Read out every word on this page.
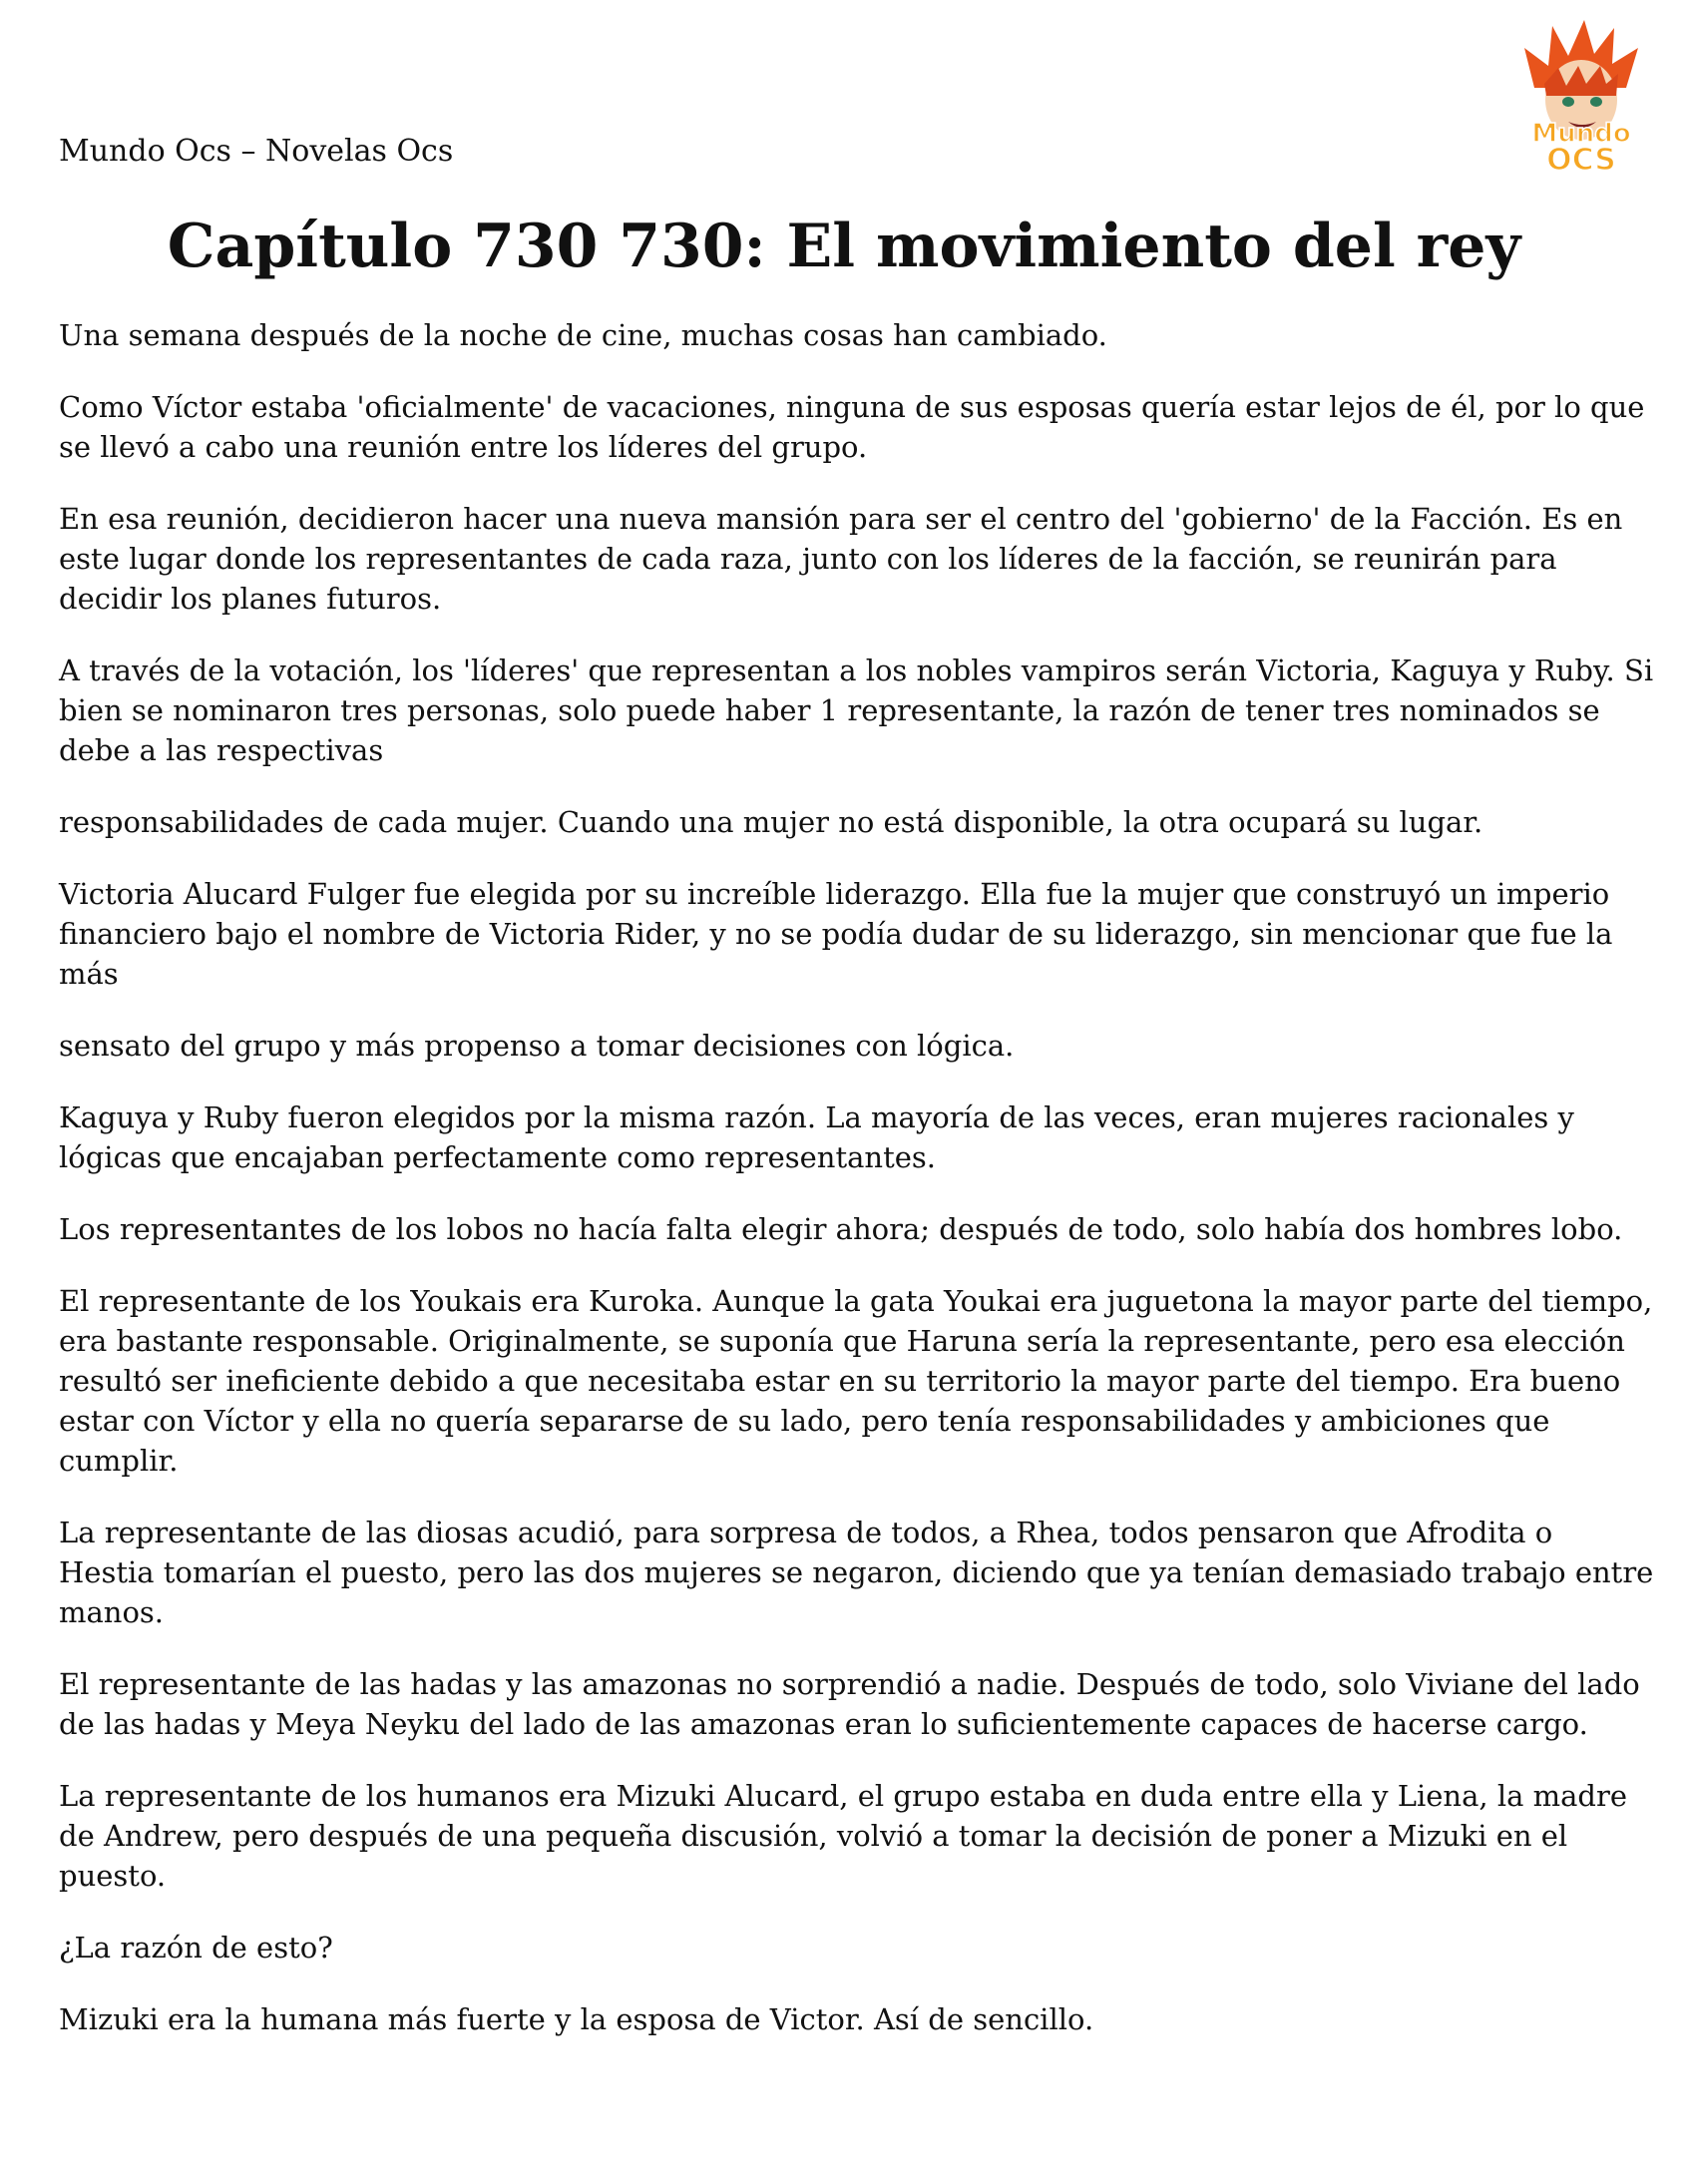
Mundo Ocs – Novelas Ocs	Mundo
OCS
Capítulo 730 730: El movimiento del rey

Una semana después de la noche de cine, muchas cosas han cambiado.

Como Víctor estaba 'oficialmente' de vacaciones, ninguna de sus esposas quería estar lejos de él, por lo que se llevó a cabo una reunión entre los líderes del grupo.

En esa reunión, decidieron hacer una nueva mansión para ser el centro del 'gobierno' de la Facción. Es en este lugar donde los representantes de cada raza, junto con los líderes de la facción, se reunirán para decidir los planes futuros.

A través de la votación, los 'líderes' que representan a los nobles vampiros serán Victoria, Kaguya y Ruby. Si bien se nominaron tres personas, solo puede haber 1 representante, la razón de tener tres nominados se debe a las respectivas

responsabilidades de cada mujer. Cuando una mujer no está disponible, la otra ocupará su lugar.

Victoria Alucard Fulger fue elegida por su increíble liderazgo. Ella fue la mujer que construyó un imperio financiero bajo el nombre de Victoria Rider, y no se podía dudar de su liderazgo, sin mencionar que fue la más

sensato del grupo y más propenso a tomar decisiones con lógica.

Kaguya y Ruby fueron elegidos por la misma razón. La mayoría de las veces, eran mujeres racionales y lógicas que encajaban perfectamente como representantes.

Los representantes de los lobos no hacía falta elegir ahora; después de todo, solo había dos hombres lobo.

El representante de los Youkais era Kuroka. Aunque la gata Youkai era juguetona la mayor parte del tiempo, era bastante responsable. Originalmente, se suponía que Haruna sería la representante, pero esa elección resultó ser ineficiente debido a que necesitaba estar en su territorio la mayor parte del tiempo. Era bueno estar con Víctor y ella no quería separarse de su lado, pero tenía responsabilidades y ambiciones que cumplir.

La representante de las diosas acudió, para sorpresa de todos, a Rhea, todos pensaron que Afrodita o Hestia tomarían el puesto, pero las dos mujeres se negaron, diciendo que ya tenían demasiado trabajo entre manos.

El representante de las hadas y las amazonas no sorprendió a nadie. Después de todo, solo Viviane del lado de las hadas y Meya Neyku del lado de las amazonas eran lo suficientemente capaces de hacerse cargo.

La representante de los humanos era Mizuki Alucard, el grupo estaba en duda entre ella y Liena, la madre de Andrew, pero después de una pequeña discusión, volvió a tomar la decisión de poner a Mizuki en el puesto.

¿La razón de esto?

Mizuki era la humana más fuerte y la esposa de Victor. Así de sencillo.
